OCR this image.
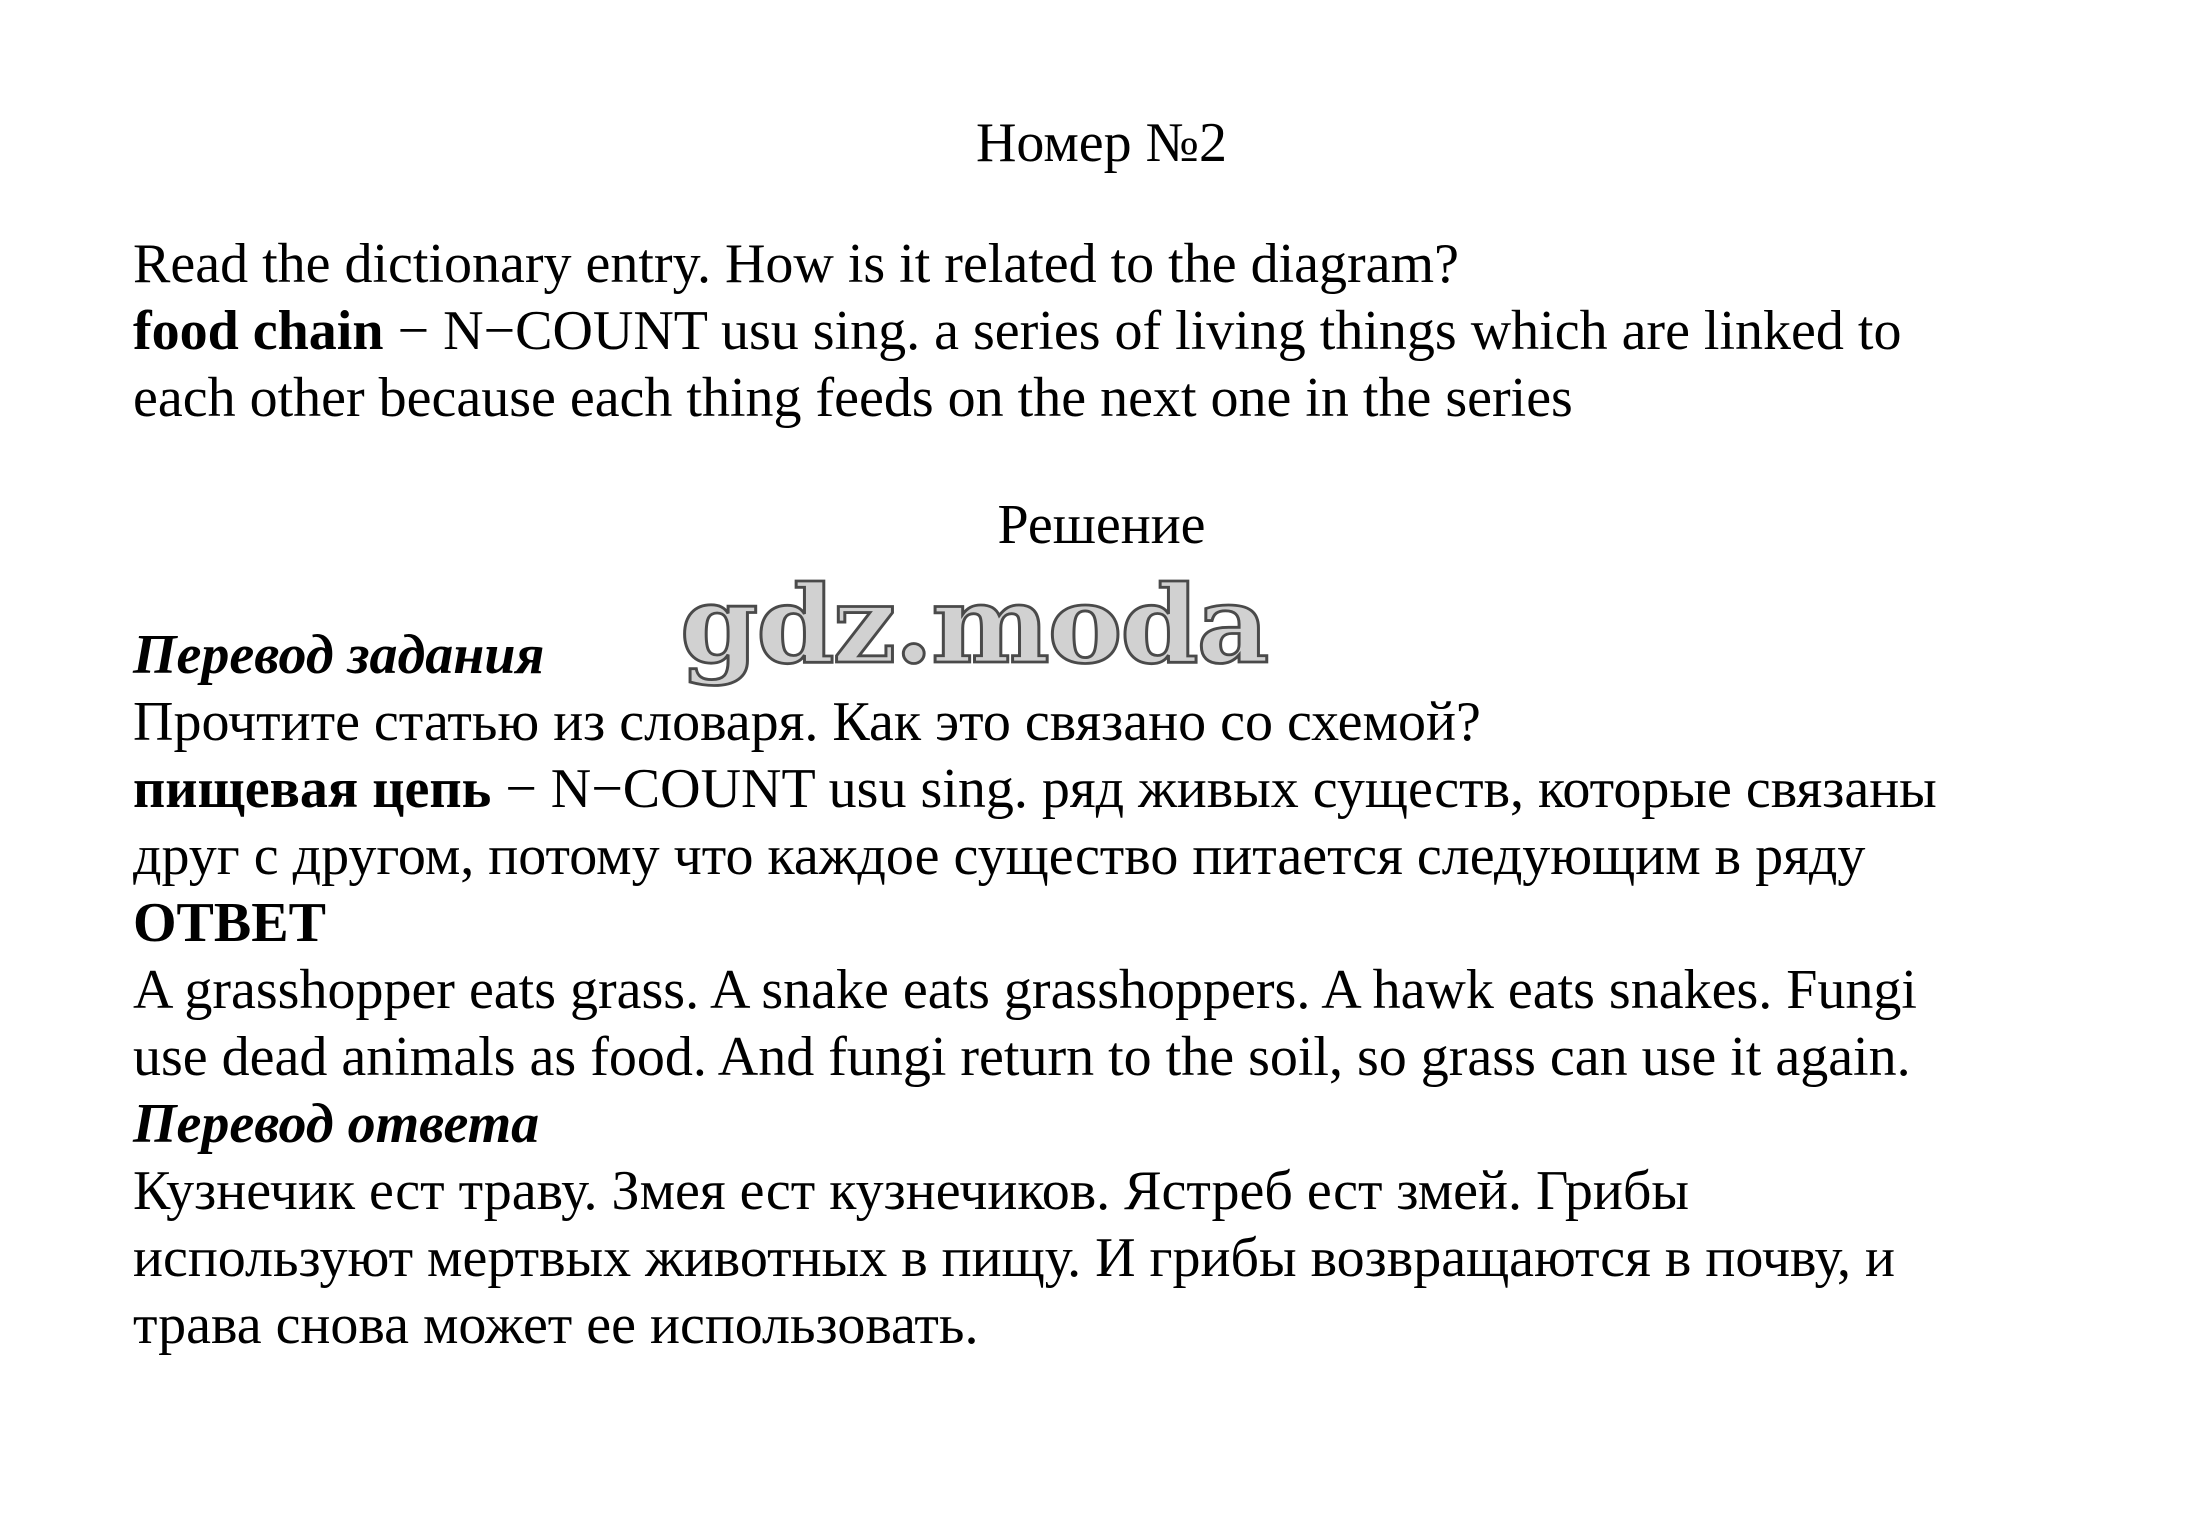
Номер №2
Read the dictionary entry. How is it related to the diagram?
food chain − N−COUNT usu sing. a series of living things which are linked to
each other because each thing feeds on the next one in the series
Решение
gdz.moda
Перевод задания
Прочтите статью из словаря. Как это связано со схемой?
пищевая цепь − N−COUNT usu sing. ряд живых существ, которые связаны
друг с другом, потому что каждое существо питается следующим в ряду
ОТВЕТ
A grasshopper eats grass. A snake eats grasshoppers. A hawk eats snakes. Fungi
use dead animals as food. And fungi return to the soil, so grass can use it again.
Перевод ответа
Кузнечик ест траву. Змея ест кузнечиков. Ястреб ест змей. Грибы
используют мертвых животных в пищу. И грибы возвращаются в почву, и
трава снова может ее использовать.
